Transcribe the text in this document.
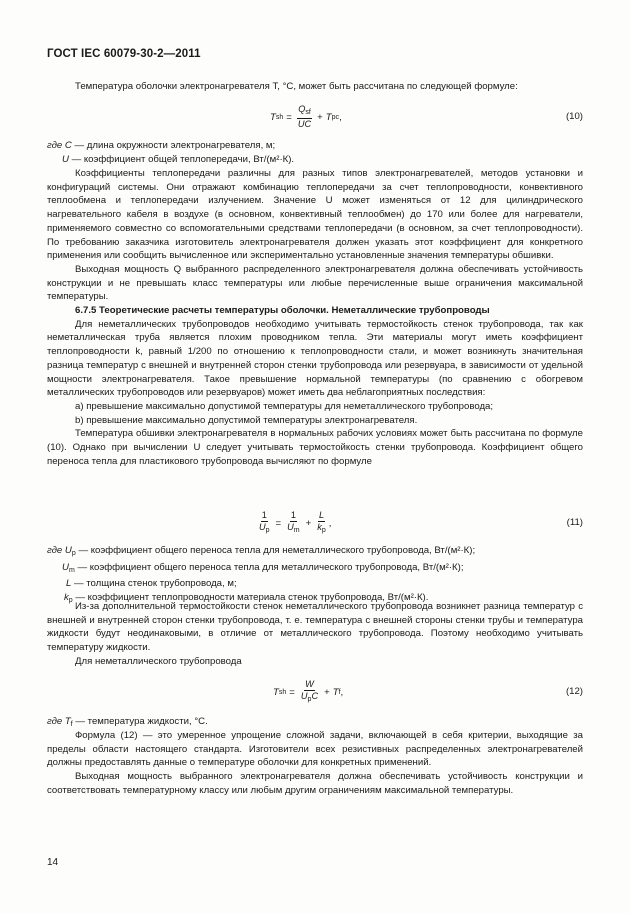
ГОСТ IEC 60079-30-2—2011

Температура оболочки электронагревателя T, °C, может быть рассчитана по следующей формуле:

T sh = $\frac{Q_{sf}}{UC} + T$ pc ,	(10)

где C — длина окружности электронагревателя, м;

U — коэффициент общей теплопередачи, Вт/(м²·К).

Коэффициенты теплопередачи различны для разных типов электронагревателей, методов установки и конфигураций системы. Они отражают комбинацию теплопередачи за счет теплопроводности, конвективного теплообмена и теплопередачи излучением. Значение U может изменяться от 12 для цилиндрического нагревательного кабеля в воздухе (в основном, конвективный теплообмен) до 170 или более для нагреватели, применяемого совместно со вспомогательными средствами теплопередачи (в основном, за счет теплопроводности). По требованию заказчика изготовитель электронагревателя должен указать этот коэффициент для конкретного применения или сообщить вычисленное или экспериментально установленные значения температуры обшивки.

Выходная мощность Q выбранного распределенного электронагревателя должна обеспечивать устойчивость конструкции и не превышать класс температуры или любые перечисленные выше ограничения максимальной температуры.

6.7.5 Теоретические расчеты температуры оболочки. Неметаллические трубопроводы

Для неметаллических трубопроводов необходимо учитывать термостойкость стенок трубопровода, так как неметаллическая труба является плохим проводником тепла. Эти материалы могут иметь коэффициент теплопроводности k, равный 1/200 по отношению к теплопроводности стали, и может возникнуть значительная разница температур с внешней и внутренней сторон стенки трубопровода или резервуара, в зависимости от удельной мощности электронагревателя. Такое превышение нормальной температуры (по сравнению с обогревом металлических трубопроводов или резервуаров) может иметь два неблагоприятных последствия:

а) превышение максимально допустимой температуры для неметаллического трубопровода;

b) превышение максимально допустимой температуры электронагревателя.

Температура обшивки электронагревателя в нормальных рабочих условиях может быть рассчитана по формуле (10). Однако при вычислении U следует учитывать термостойкость стенки трубопровода. Коэффициент общего переноса тепла для пластикового трубопровода вычисляют по формуле

$\frac{1}{U_p} = \frac{1}{U_m} + \frac{L}{k_p}$ ,	(11)

где $U_p$ — коэффициент общего переноса тепла для неметаллического трубопровода, Вт/(м²·К);

$U_m$ — коэффициент общего переноса тепла для металлического трубопровода, Вт/(м²·К);

L — толщина стенок трубопровода, м;

$k_p$ — коэффициент теплопроводности материала стенок трубопровода, Вт/(м²·К).

Из-за дополнительной термостойкости стенок неметаллического трубопровода возникнет разница температур с внешней и внутренней сторон стенки трубопровода, т. е. температура с внешней стороны стенки трубы и температура жидкости будут неодинаковыми, в отличие от металлического трубопровода. Поэтому необходимо учитывать температуру жидкости.

Для неметаллического трубопровода

T sh = $\frac{W}{U_pC} + T$ f ,	(12)

где $T_f$ — температура жидкости, °С.

Формула (12) — это умеренное упрощение сложной задачи, включающей в себя критерии, выходящие за пределы области настоящего стандарта. Изготовители всех резистивных распределенных электронагревателей должны предоставлять данные о температуре оболочки для конкретных применений.

Выходная мощность выбранного электронагревателя должна обеспечивать устойчивость конструкции и соответствовать температурному классу или любым другим ограничениям максимальной температуры.

14
